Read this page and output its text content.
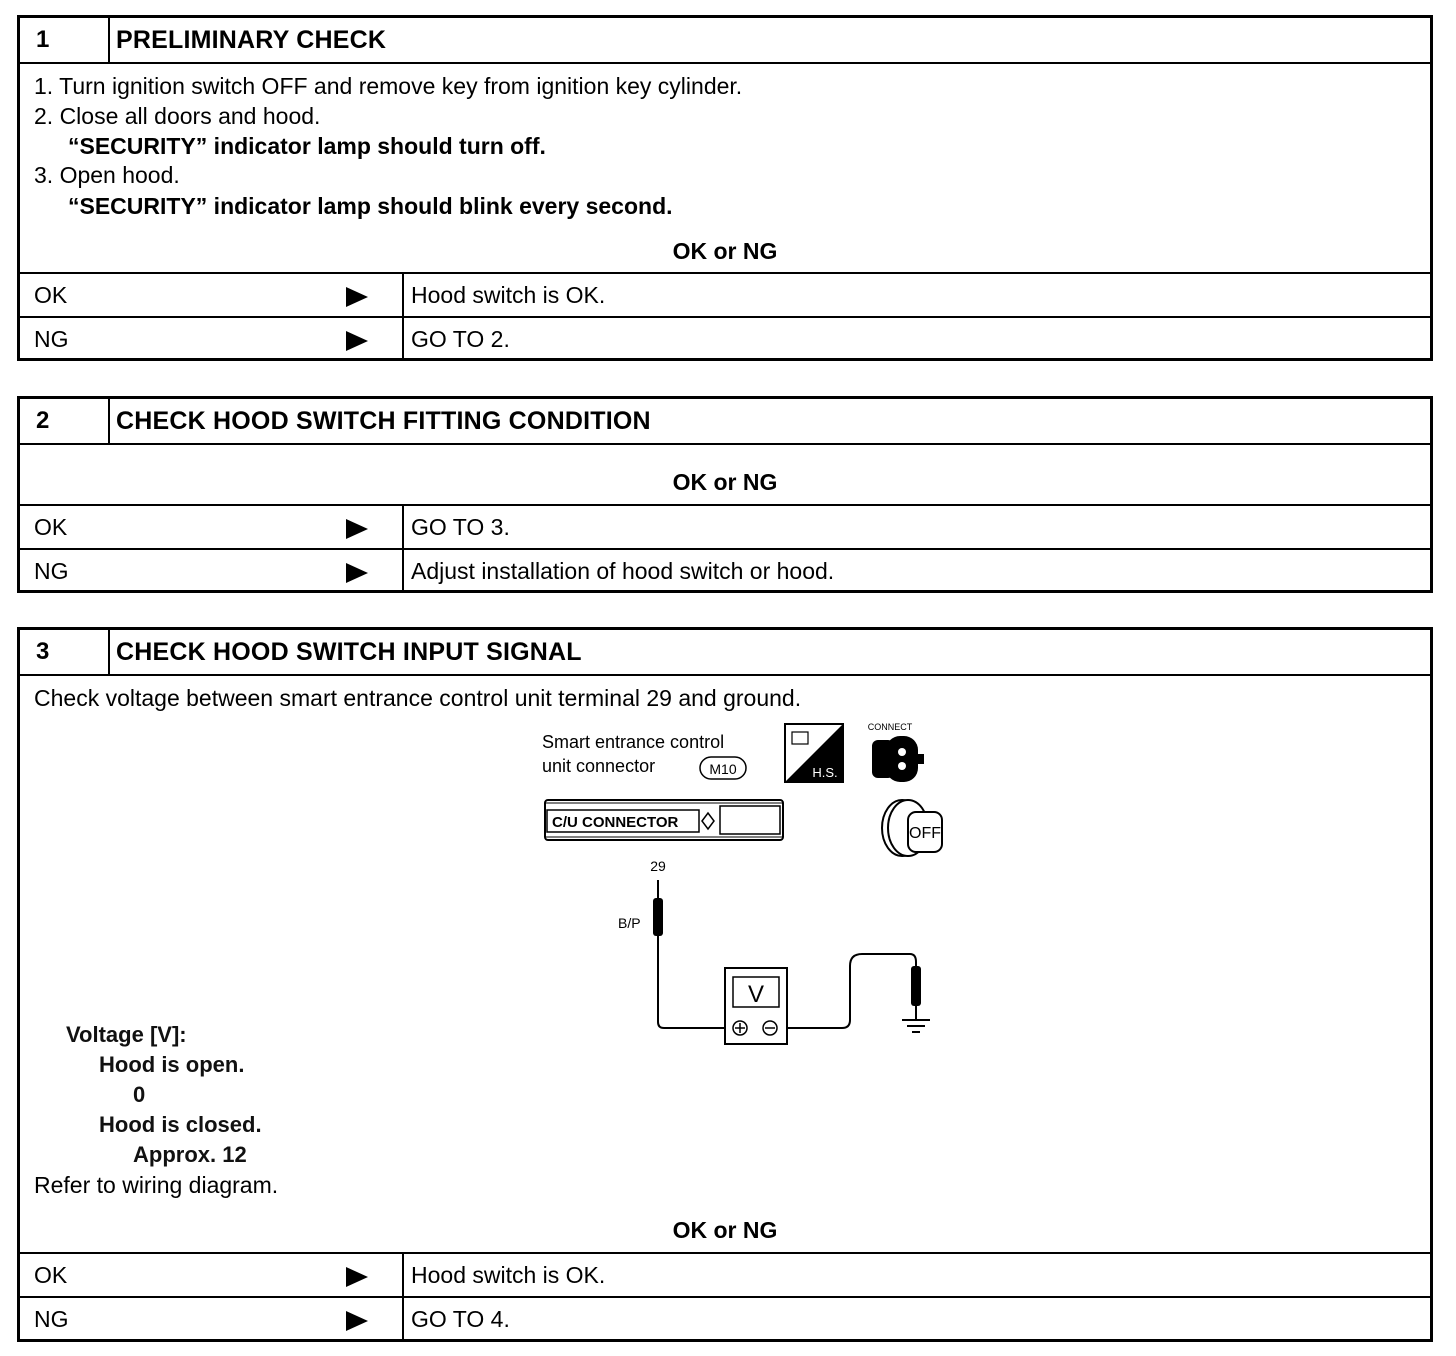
1	PRELIMINARY CHECK
1. Turn ignition switch OFF and remove key from ignition key cylinder.
2. Close all doors and hood.
“SECURITY” indicator lamp should turn off.
3. Open hood.
“SECURITY” indicator lamp should blink every second.
OK or NG
OK	Hood switch is OK.
NG	GO TO 2.
2	CHECK HOOD SWITCH FITTING CONDITION
OK or NG
OK	GO TO 3.
NG	Adjust installation of hood switch or hood.
3	CHECK HOOD SWITCH INPUT SIGNAL
Check voltage between smart entrance control unit terminal 29 and ground.
Smart entrance control
unit connector	M10	H.S.
CONNECT
OFF
C/U CONNECTOR
29
B/P
V
Voltage [V]:
Hood is open.
0
Hood is closed.
Approx. 12
Refer to wiring diagram.
OK or NG
OK	Hood switch is OK.
NG	GO TO 4.
